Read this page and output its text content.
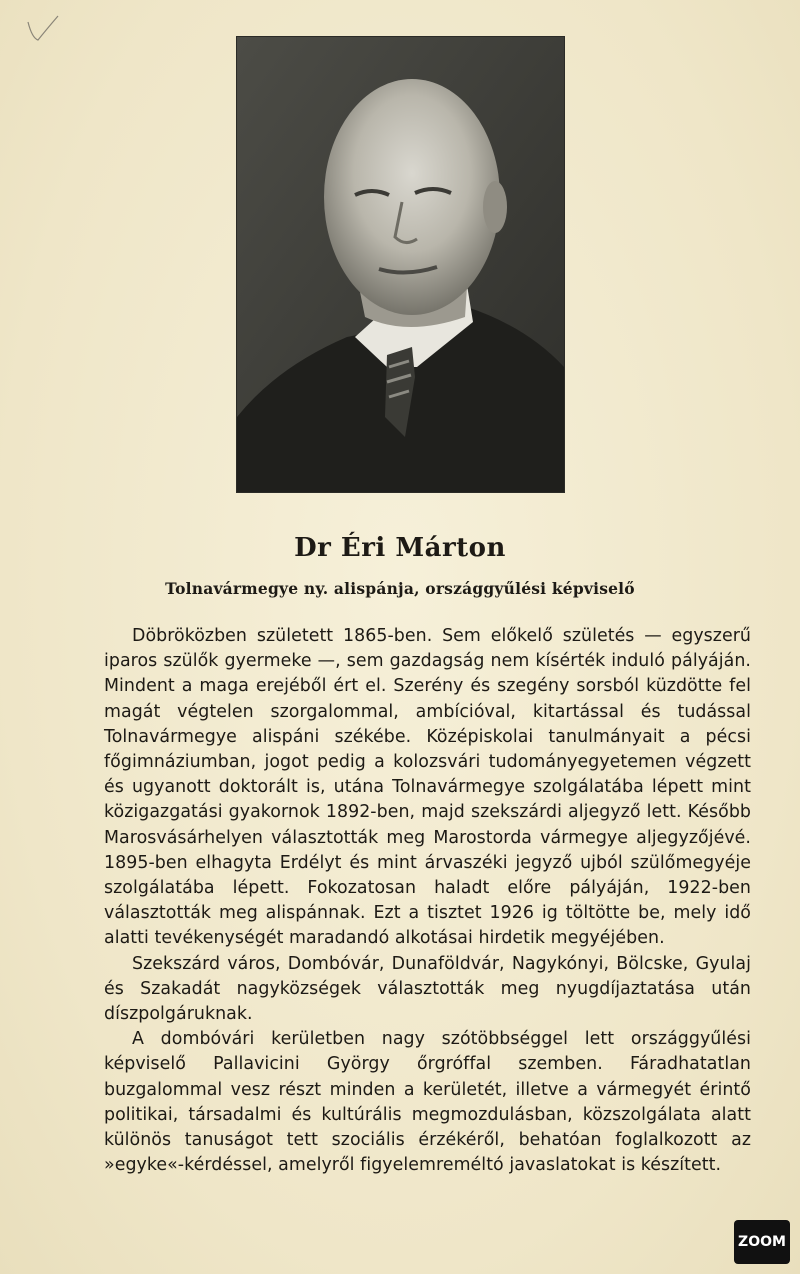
Dr Éri Márton
Tolnavármegye ny. alispánja, országgyűlési képviselő

Döbröközben született 1865-ben. Sem előkelő születés — egyszerű iparos szülők gyermeke —, sem gazdagság nem kísérték induló pályáján. Mindent a maga erejéből ért el. Szerény és szegény sorsból küzdötte fel magát végtelen szorgalommal, ambícióval, kitartással és tudással Tolnavármegye alispáni székébe. Középiskolai tanulmányait a pécsi főgimnáziumban, jogot pedig a kolozsvári tudományegyetemen végzett és ugyanott doktorált is, utána Tolnavármegye szolgálatába lépett mint közigazgatási gyakornok 1892-ben, majd szekszárdi aljegyző lett. Később Marosvásárhelyen választották meg Marostorda vármegye aljegyzőjévé. 1895-ben elhagyta Erdélyt és mint árvaszéki jegyző ujból szülőmegyéje szolgálatába lépett. Fokozatosan haladt előre pályáján, 1922-ben választották meg alispánnak. Ezt a tisztet 1926 ig töltötte be, mely idő alatti tevékenységét maradandó alkotásai hirdetik megyéjében.

Szekszárd város, Dombóvár, Dunaföldvár, Nagykónyi, Bölcske, Gyulaj és Szakadát nagyközségek választották meg nyugdíjaztatása után díszpolgáruknak.

A dombóvári kerületben nagy szótöbbséggel lett országgyűlési képviselő Pallavicini György őrgróffal szemben. Fáradhatatlan buzgalommal vesz részt minden a kerületét, illetve a vármegyét érintő politikai, társadalmi és kultúrális megmozdulásban, közszolgálata alatt különös tanuságot tett szociális érzékéről, behatóan foglalkozott az »egyke«-kérdéssel, amelyről figyelemreméltó javaslatokat is készített.

ZOOM
